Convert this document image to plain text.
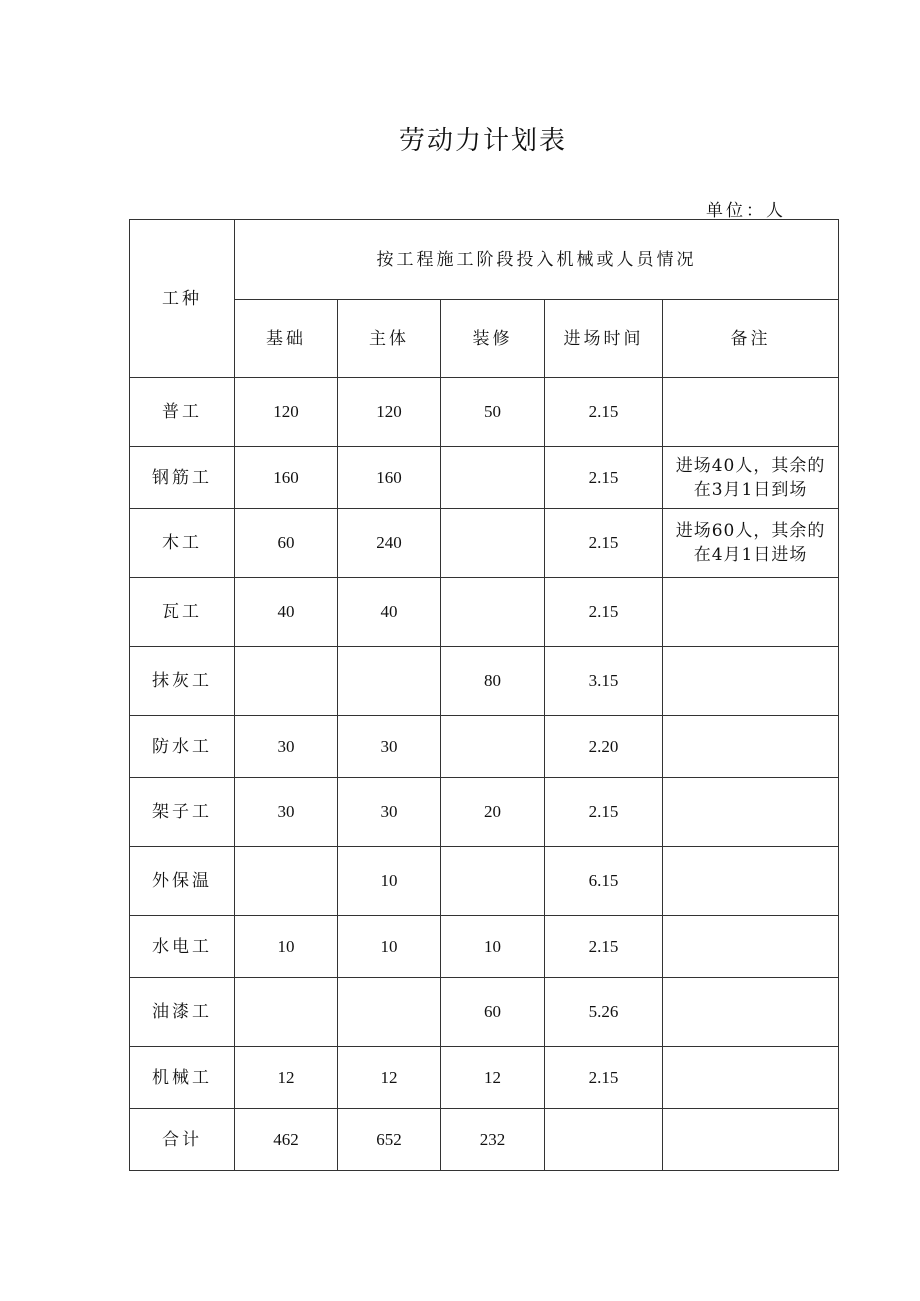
劳动力计划表
单位：人
工种	按工程施工阶段投入机械或人员情况				
	基础	主体	装修	进场时间	备注
普工	120	120	50	2.15	

钢筋工	160	160		2.15	进场40人，其余的
在3月1日到场

木工	60	240		2.15	进场60人，其余的
在4月1日进场

瓦工	40	40		2.15	

抹灰工			80	3.15	

防水工	30	30		2.20	

架子工	30	30	20	2.15	

外保温		10		6.15	

水电工	10	10	10	2.15	

油漆工			60	5.26	

机械工	12	12	12	2.15	

合计	462	652	232		
